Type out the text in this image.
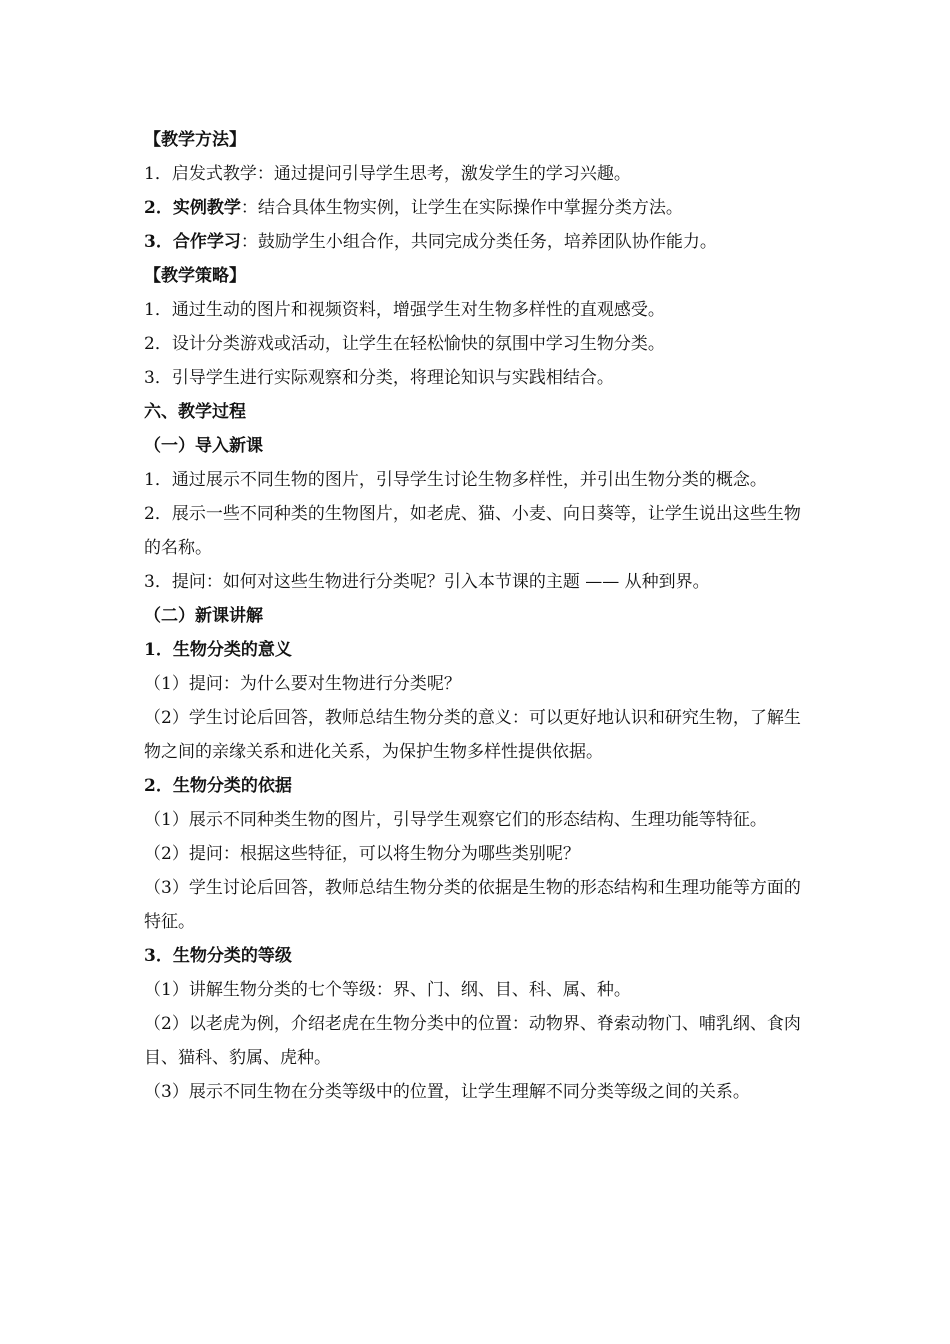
【教学方法】
1．启发式教学：通过提问引导学生思考，激发学生的学习兴趣。
2．实例教学：结合具体生物实例，让学生在实际操作中掌握分类方法。
3．合作学习：鼓励学生小组合作，共同完成分类任务，培养团队协作能力。
【教学策略】
1．通过生动的图片和视频资料，增强学生对生物多样性的直观感受。
2．设计分类游戏或活动，让学生在轻松愉快的氛围中学习生物分类。
3．引导学生进行实际观察和分类，将理论知识与实践相结合。
六、教学过程
（一）导入新课
1．通过展示不同生物的图片，引导学生讨论生物多样性，并引出生物分类的概念。
2．展示一些不同种类的生物图片，如老虎、猫、小麦、向日葵等，让学生说出这些生物的名称。
3．提问：如何对这些生物进行分类呢？引入本节课的主题 —— 从种到界。
（二）新课讲解
1．生物分类的意义
（1）提问：为什么要对生物进行分类呢？
（2）学生讨论后回答，教师总结生物分类的意义：可以更好地认识和研究生物，了解生物之间的亲缘关系和进化关系，为保护生物多样性提供依据。
2．生物分类的依据
（1）展示不同种类生物的图片，引导学生观察它们的形态结构、生理功能等特征。
（2）提问：根据这些特征，可以将生物分为哪些类别呢？
（3）学生讨论后回答，教师总结生物分类的依据是生物的形态结构和生理功能等方面的特征。
3．生物分类的等级
（1）讲解生物分类的七个等级：界、门、纲、目、科、属、种。
（2）以老虎为例，介绍老虎在生物分类中的位置：动物界、脊索动物门、哺乳纲、食肉目、猫科、豹属、虎种。
（3）展示不同生物在分类等级中的位置，让学生理解不同分类等级之间的关系。
